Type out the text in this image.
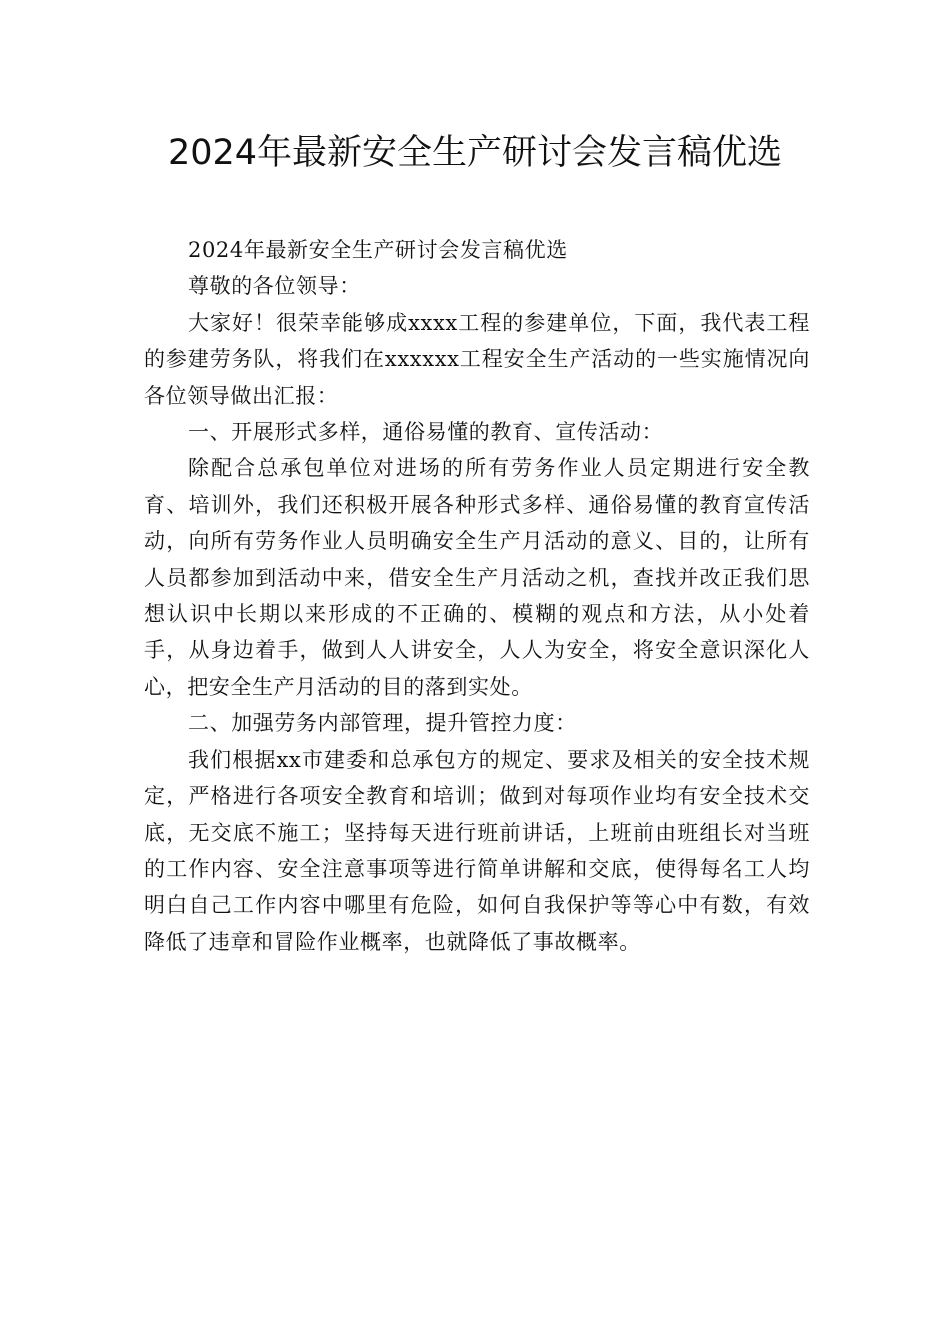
2024年最新安全生产研讨会发言稿优选

2024年最新安全生产研讨会发言稿优选

尊敬的各位领导：

大家好！很荣幸能够成xxxx工程的参建单位，下面，我代表工程的参建劳务队，将我们在xxxxxx工程安全生产活动的一些实施情况向各位领导做出汇报：

一、开展形式多样，通俗易懂的教育、宣传活动：

除配合总承包单位对进场的所有劳务作业人员定期进行安全教育、培训外，我们还积极开展各种形式多样、通俗易懂的教育宣传活动，向所有劳务作业人员明确安全生产月活动的意义、目的，让所有人员都参加到活动中来，借安全生产月活动之机，查找并改正我们思想认识中长期以来形成的不正确的、模糊的观点和方法，从小处着手，从身边着手，做到人人讲安全，人人为安全，将安全意识深化人心，把安全生产月活动的目的落到实处。

二、加强劳务内部管理，提升管控力度：

我们根据xx市建委和总承包方的规定、要求及相关的安全技术规定，严格进行各项安全教育和培训；做到对每项作业均有安全技术交底，无交底不施工；坚持每天进行班前讲话，上班前由班组长对当班的工作内容、安全注意事项等进行简单讲解和交底，使得每名工人均明白自己工作内容中哪里有危险，如何自我保护等等心中有数，有效降低了违章和冒险作业概率，也就降低了事故概率。
